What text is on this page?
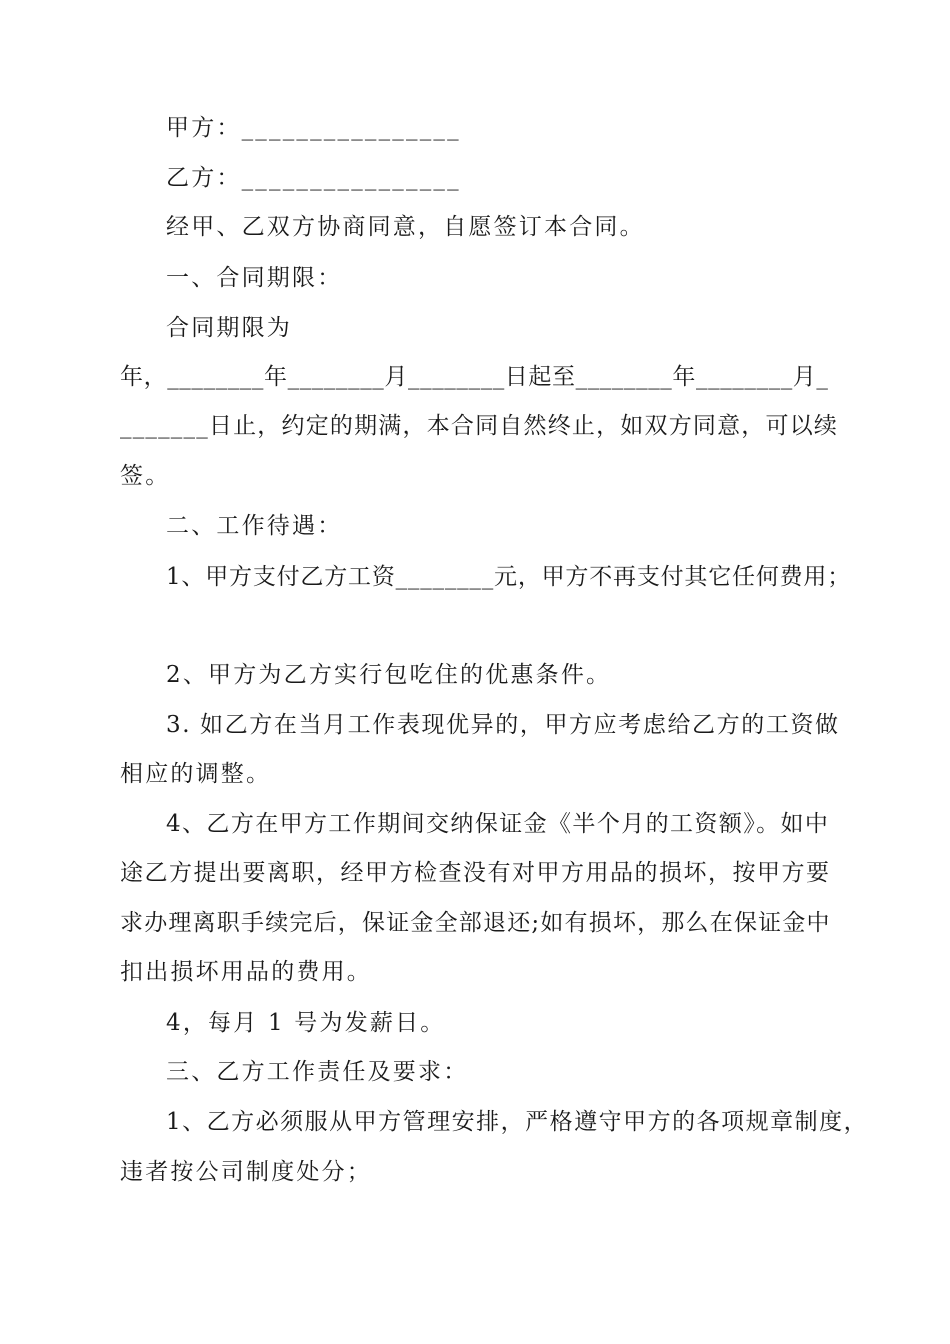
甲方：________________
乙方：________________
经甲、乙双方协商同意，自愿签订本合同。
一、合同期限：
合同期限为
年，________年________月________日起至________年________月_
_______日止，约定的期满，本合同自然终止，如双方同意，可以续
签。
二、工作待遇：
1、甲方支付乙方工资________元，甲方不再支付其它任何费用；
2、甲方为乙方实行包吃住的优惠条件。
3. 如乙方在当月工作表现优异的，甲方应考虑给乙方的工资做
相应的调整。
4、乙方在甲方工作期间交纳保证金《半个月的工资额》。如中
途乙方提出要离职，经甲方检查没有对甲方用品的损坏，按甲方要
求办理离职手续完后，保证金全部退还;如有损坏，那么在保证金中
扣出损坏用品的费用。
4，每月 1 号为发薪日。
三、乙方工作责任及要求：
1、乙方必须服从甲方管理安排，严格遵守甲方的各项规章制度，
违者按公司制度处分；
